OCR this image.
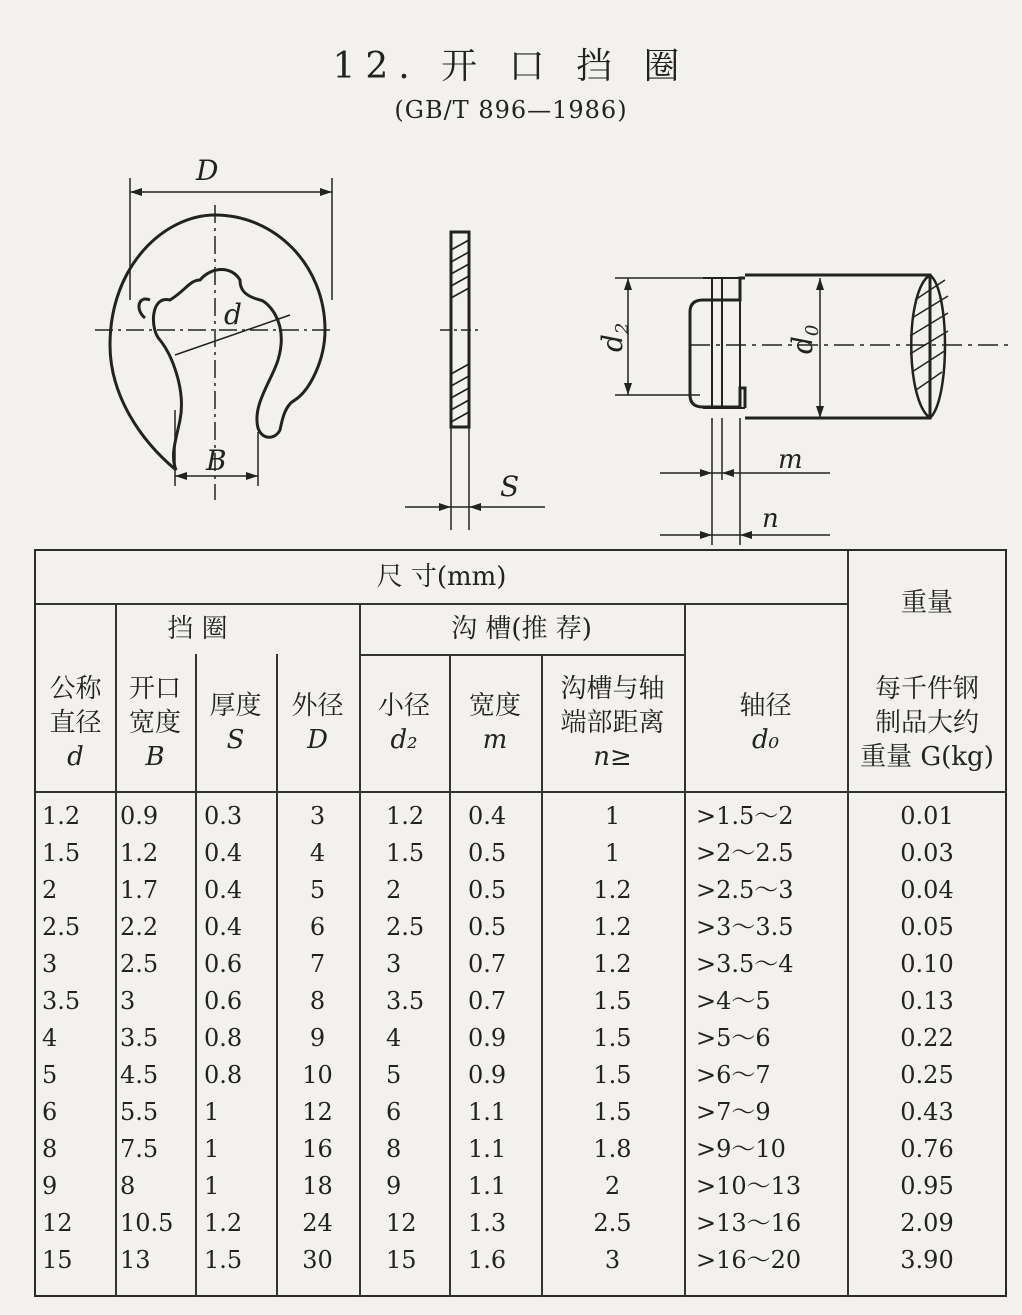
12. 开 口 挡 圈
(GB/T 896—1986)
D
d
B
S
$d_2$
$d_0$
m
n
尺 寸(mm)
重量
挡 圈	沟 槽(推 荐)
公称
直径
d
开口
宽度
B
厚度
S
外径
D
小径
d₂
宽度
m
沟槽与轴
端部距离
n≥
轴径
d₀
每千件钢
制品大约
重量 G(kg)
1.2
1.5
2
2.5
3
3.5
4
5
6
8
9
12
15
0.9
1.2
1.7
2.2
2.5
3
3.5
4.5
5.5
7.5
8
10.5
13
0.3
0.4
0.4
0.4
0.6
0.6
0.8
0.8
1
1
1
1.2
1.5
3
4
5
6
7
8
9
10
12
16
18
24
30
1.2
1.5
2
2.5
3
3.5
4
5
6
8
9
12
15
0.4
0.5
0.5
0.5
0.7
0.7
0.9
0.9
1.1
1.1
1.1
1.3
1.6
1
1
1.2
1.2
1.2
1.5
1.5
1.5
1.5
1.8
2
2.5
3
>1.5～2
>2～2.5
>2.5～3
>3～3.5
>3.5～4
>4～5
>5～6
>6～7
>7～9
>9～10
>10～13
>13～16
>16～20
0.01
0.03
0.04
0.05
0.10
0.13
0.22
0.25
0.43
0.76
0.95
2.09
3.90
